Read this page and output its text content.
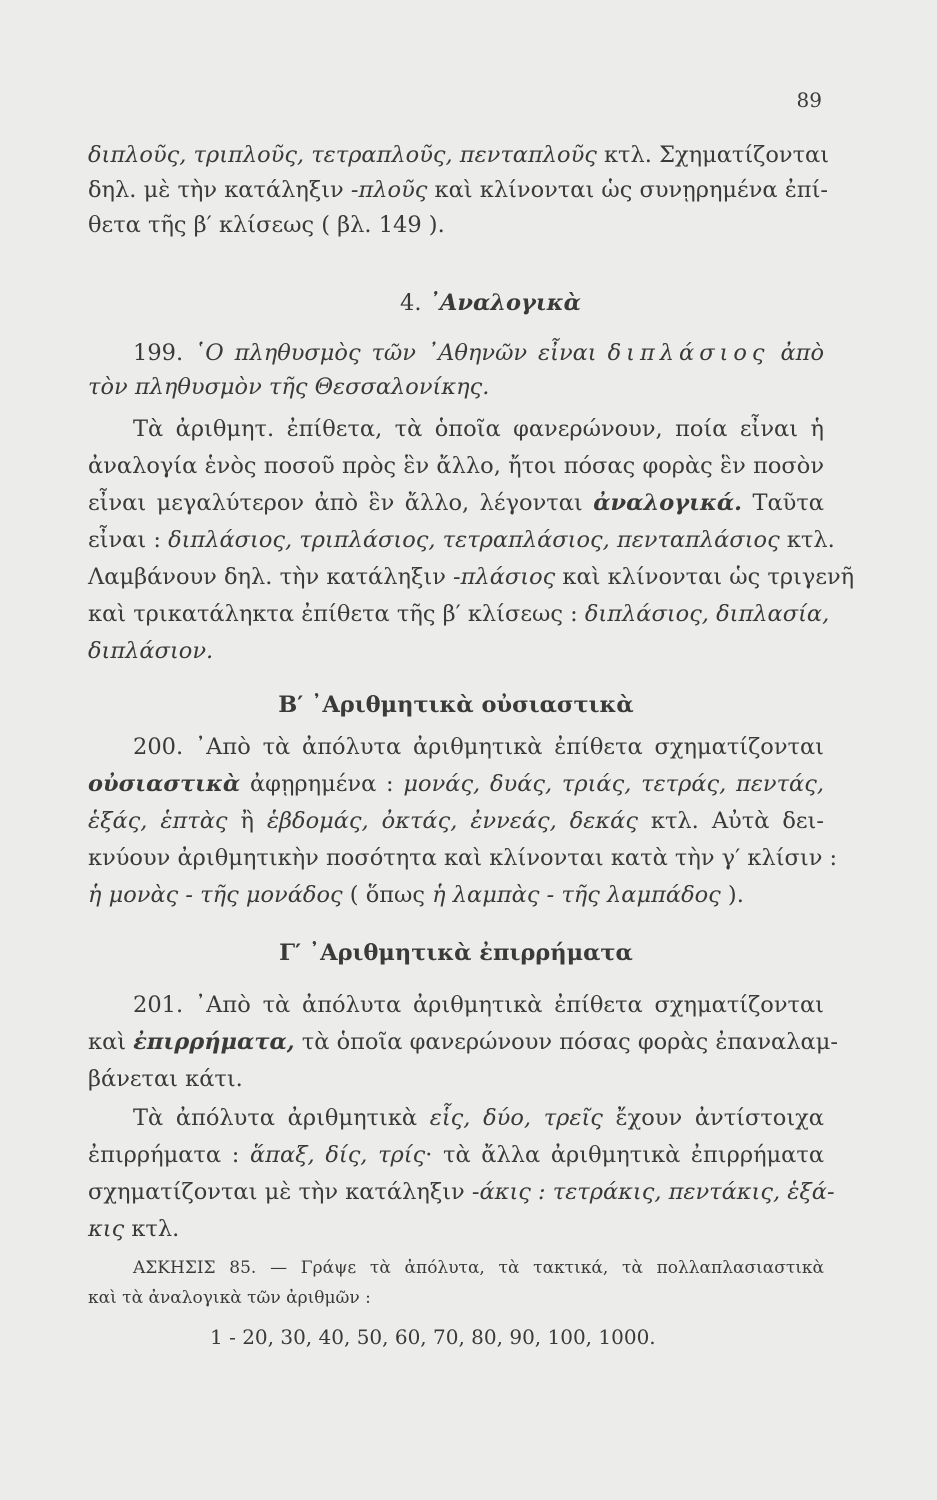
89
διπλοῦς, τριπλοῦς, τετραπλοῦς, πενταπλοῦς κτλ. Σχηματίζονται
δηλ. μὲ τὴν κατάληξιν -πλοῦς καὶ κλίνονται ὡς συνῃρημένα ἐπί-
θετα τῆς β′ κλίσεως ( βλ. 149 ).
4. ᾿Αναλογικὰ
199. ῾Ο πληθυσμὸς τῶν ᾿Αθηνῶν εἶναι διπλάσιος ἀπὸ
τὸν πληθυσμὸν τῆς Θεσσαλονίκης.
Τὰ ἀριθμητ. ἐπίθετα, τὰ ὁποῖα φανερώνουν, ποία εἶναι ἡ
ἀναλογία ἑνὸς ποσοῦ πρὸς ἓν ἄλλο, ἤτοι πόσας φορὰς ἓν ποσὸν
εἶναι μεγαλύτερον ἀπὸ ἓν ἄλλο, λέγονται ἀναλογικά. Ταῦτα
εἶναι : διπλάσιος, τριπλάσιος, τετραπλάσιος, πενταπλάσιος κτλ.
Λαμβάνουν δηλ. τὴν κατάληξιν -πλάσιος καὶ κλίνονται ὡς τριγενῆ
καὶ τρικατάληκτα ἐπίθετα τῆς β′ κλίσεως : διπλάσιος, διπλασία,
διπλάσιον.
Β′ ᾿Αριθμητικὰ οὐσιαστικὰ
200. ᾿Απὸ τὰ ἀπόλυτα ἀριθμητικὰ ἐπίθετα σχηματίζονται
οὐσιαστικὰ ἀφῃρημένα : μονάς, δυάς, τριάς, τετράς, πεντάς,
ἑξάς, ἑπτὰς ἢ ἑβδομάς, ὀκτάς, ἐννεάς, δεκάς κτλ. Αὐτὰ δει-
κνύουν ἀριθμητικὴν ποσότητα καὶ κλίνονται κατὰ τὴν γ′ κλίσιν :
ἡ μονὰς - τῆς μονάδος ( ὅπως ἡ λαμπὰς - τῆς λαμπάδος ).
Γ′ ᾿Αριθμητικὰ ἐπιρρήματα
201. ᾿Απὸ τὰ ἀπόλυτα ἀριθμητικὰ ἐπίθετα σχηματίζονται
καὶ ἐπιρρήματα, τὰ ὁποῖα φανερώνουν πόσας φορὰς ἐπαναλαμ-
βάνεται κάτι.
Τὰ ἀπόλυτα ἀριθμητικὰ εἷς, δύο, τρεῖς ἔχουν ἀντίστοιχα
ἐπιρρήματα : ἅπαξ, δίς, τρίς· τὰ ἄλλα ἀριθμητικὰ ἐπιρρήματα
σχηματίζονται μὲ τὴν κατάληξιν -άκις : τετράκις, πεντάκις, ἑξά-
κις κτλ.
ΑΣΚΗΣΙΣ 85. — Γράψε τὰ ἀπόλυτα, τὰ τακτικά, τὰ πολλαπλασιαστικὰ
καὶ τὰ ἀναλογικὰ τῶν ἀριθμῶν :
1 - 20, 30, 40, 50, 60, 70, 80, 90, 100, 1000.
